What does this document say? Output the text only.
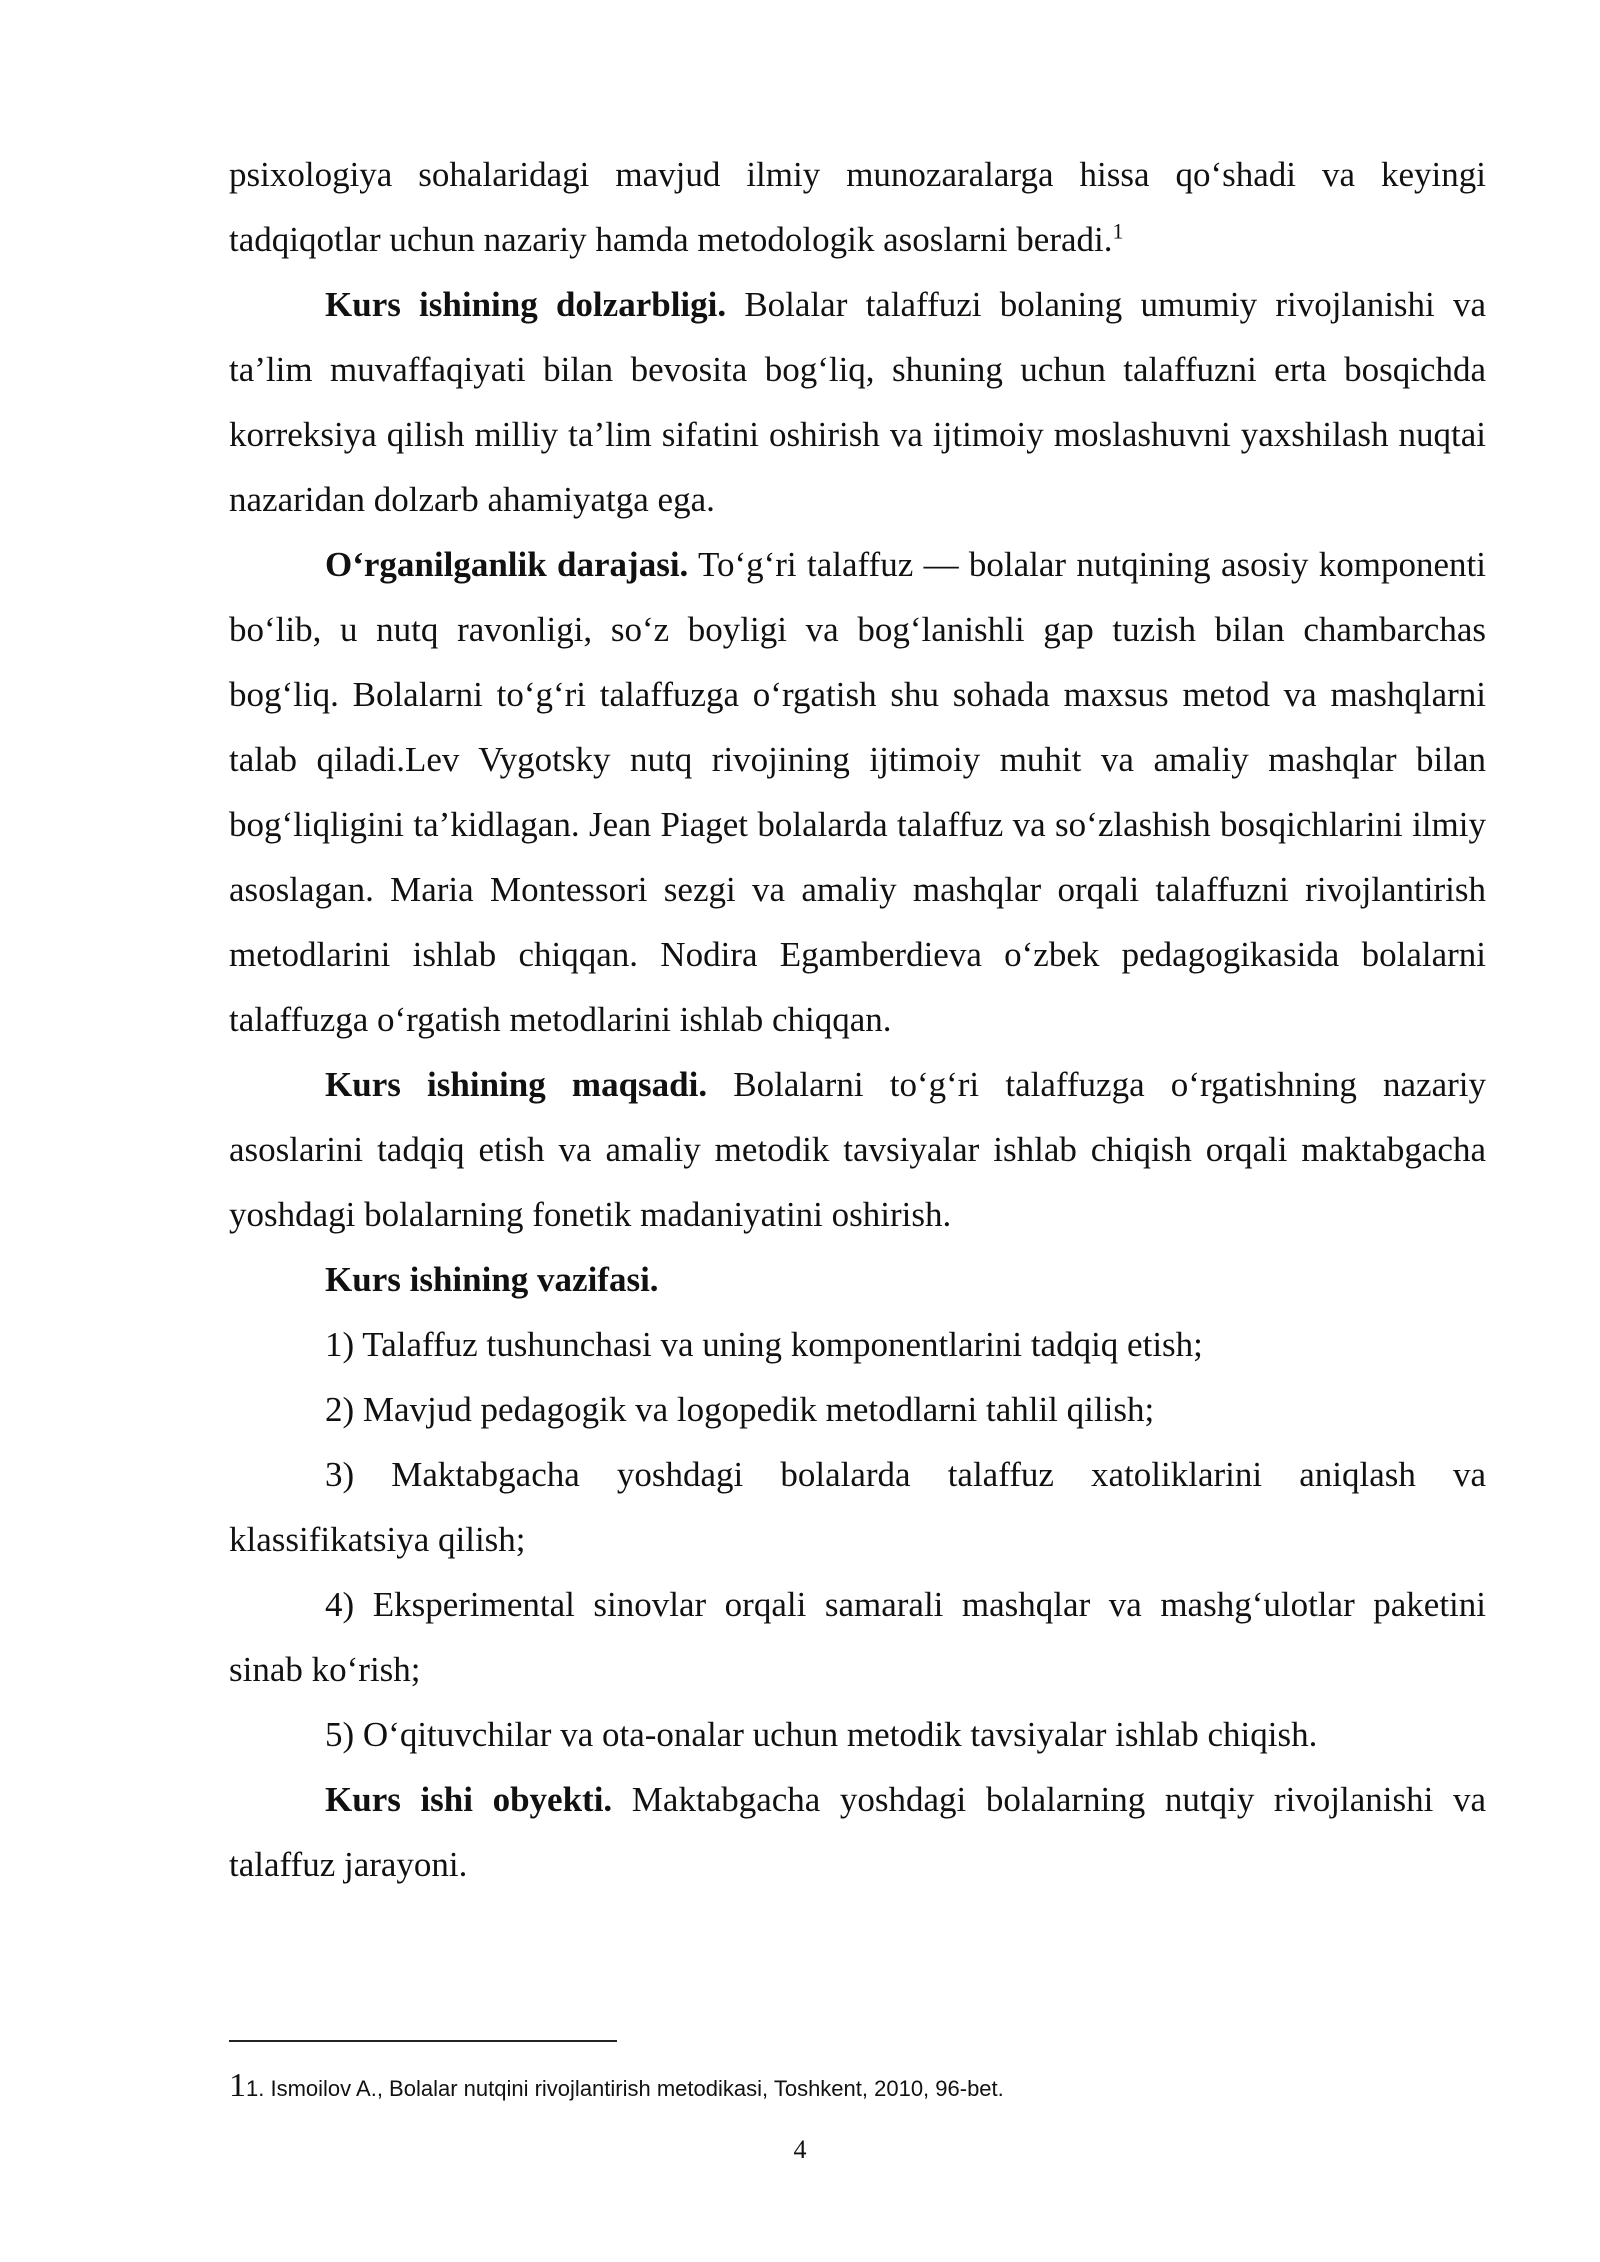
psixologiya sohalaridagi mavjud ilmiy munozaralarga hissa qo‘shadi va keyingi tadqiqotlar uchun nazariy hamda metodologik asoslarni beradi.$^1$

Kurs ishining dolzarbligi. Bolalar talaffuzi bolaning umumiy rivojlanishi va ta’lim muvaffaqiyati bilan bevosita bog‘liq, shuning uchun talaffuzni erta bosqichda korreksiya qilish milliy ta’lim sifatini oshirish va ijtimoiy moslashuvni yaxshilash nuqtai nazaridan dolzarb ahamiyatga ega.

O‘rganilganlik darajasi. To‘g‘ri talaffuz — bolalar nutqining asosiy komponenti bo‘lib, u nutq ravonligi, so‘z boyligi va bog‘lanishli gap tuzish bilan chambarchas bog‘liq. Bolalarni to‘g‘ri talaffuzga o‘rgatish shu sohada maxsus metod va mashqlarni talab qiladi.Lev Vygotsky nutq rivojining ijtimoiy muhit va amaliy mashqlar bilan bog‘liqligini ta’kidlagan. Jean Piaget bolalarda talaffuz va so‘zlashish bosqichlarini ilmiy asoslagan. Maria Montessori sezgi va amaliy mashqlar orqali talaffuzni rivojlantirish metodlarini ishlab chiqqan. Nodira Egamberdieva o‘zbek pedagogikasida bolalarni talaffuzga o‘rgatish metodlarini ishlab chiqqan.

Kurs ishining maqsadi. Bolalarni to‘g‘ri talaffuzga o‘rgatishning nazariy asoslarini tadqiq etish va amaliy metodik tavsiyalar ishlab chiqish orqali maktabgacha yoshdagi bolalarning fonetik madaniyatini oshirish.

Kurs ishining vazifasi.

1) Talaffuz tushunchasi va uning komponentlarini tadqiq etish;

2) Mavjud pedagogik va logopedik metodlarni tahlil qilish;

3) Maktabgacha yoshdagi bolalarda talaffuz xatoliklarini aniqlash va klassifikatsiya qilish;

4) Eksperimental sinovlar orqali samarali mashqlar va mashg‘ulotlar paketini sinab ko‘rish;

5) O‘qituvchilar va ota-onalar uchun metodik tavsiyalar ishlab chiqish.

Kurs ishi obyekti. Maktabgacha yoshdagi bolalarning nutqiy rivojlanishi va talaffuz jarayoni.

11. Ismoilov A., Bolalar nutqini rivojlantirish metodikasi, Toshkent, 2010, 96-bet.
4
